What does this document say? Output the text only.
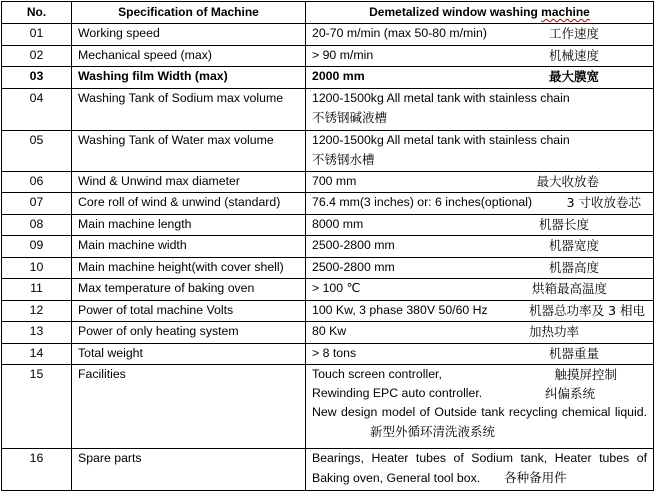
No.	Specification of Machine	Demetalized window washing machine
01	Working speed	20-70 m/min (max 50-80 m/min) 工作速度

02	Mechanical speed (max)	> 90 m/min 机械速度

03	Washing film Width (max)	2000 mm 最大膜宽

04	Washing Tank of Sodium max volume	1200-1500kg All metal tank with stainless chain
不锈钢碱液槽

05	Washing Tank of Water max volume	1200-1500kg All metal tank with stainless chain
不锈钢水槽

06	Wind & Unwind max diameter	700 mm 最大收放卷

07	Core roll of wind & unwind (standard)	76.4 mm(3 inches) or: 6 inches(optional) 3 寸收放卷芯

08	Main machine length	8000 mm 机器长度

09	Main machine width	2500-2800 mm 机器宽度

10	Main machine height(with cover shell)	2500-2800 mm 机器高度

11	Max temperature of baking oven	> 100 ℃ 烘箱最高温度

12	Power of total machine Volts	100 Kw, 3 phase 380V 50/60 Hz 机器总功率及 3 相电

13	Power of only heating system	80 Kw 加热功率

14	Total weight	> 8 tons 机器重量

15	Facilities	Touch screen controller, 触摸屏控制
Rewinding EPC auto controller. 纠偏系统
New design model of Outside tank recycling chemical liquid.新型外循环清洗液系统

16	Spare parts	Bearings, Heater tubes of Sodium tank, Heater tubes of Baking oven, General tool box. 各种备用件
